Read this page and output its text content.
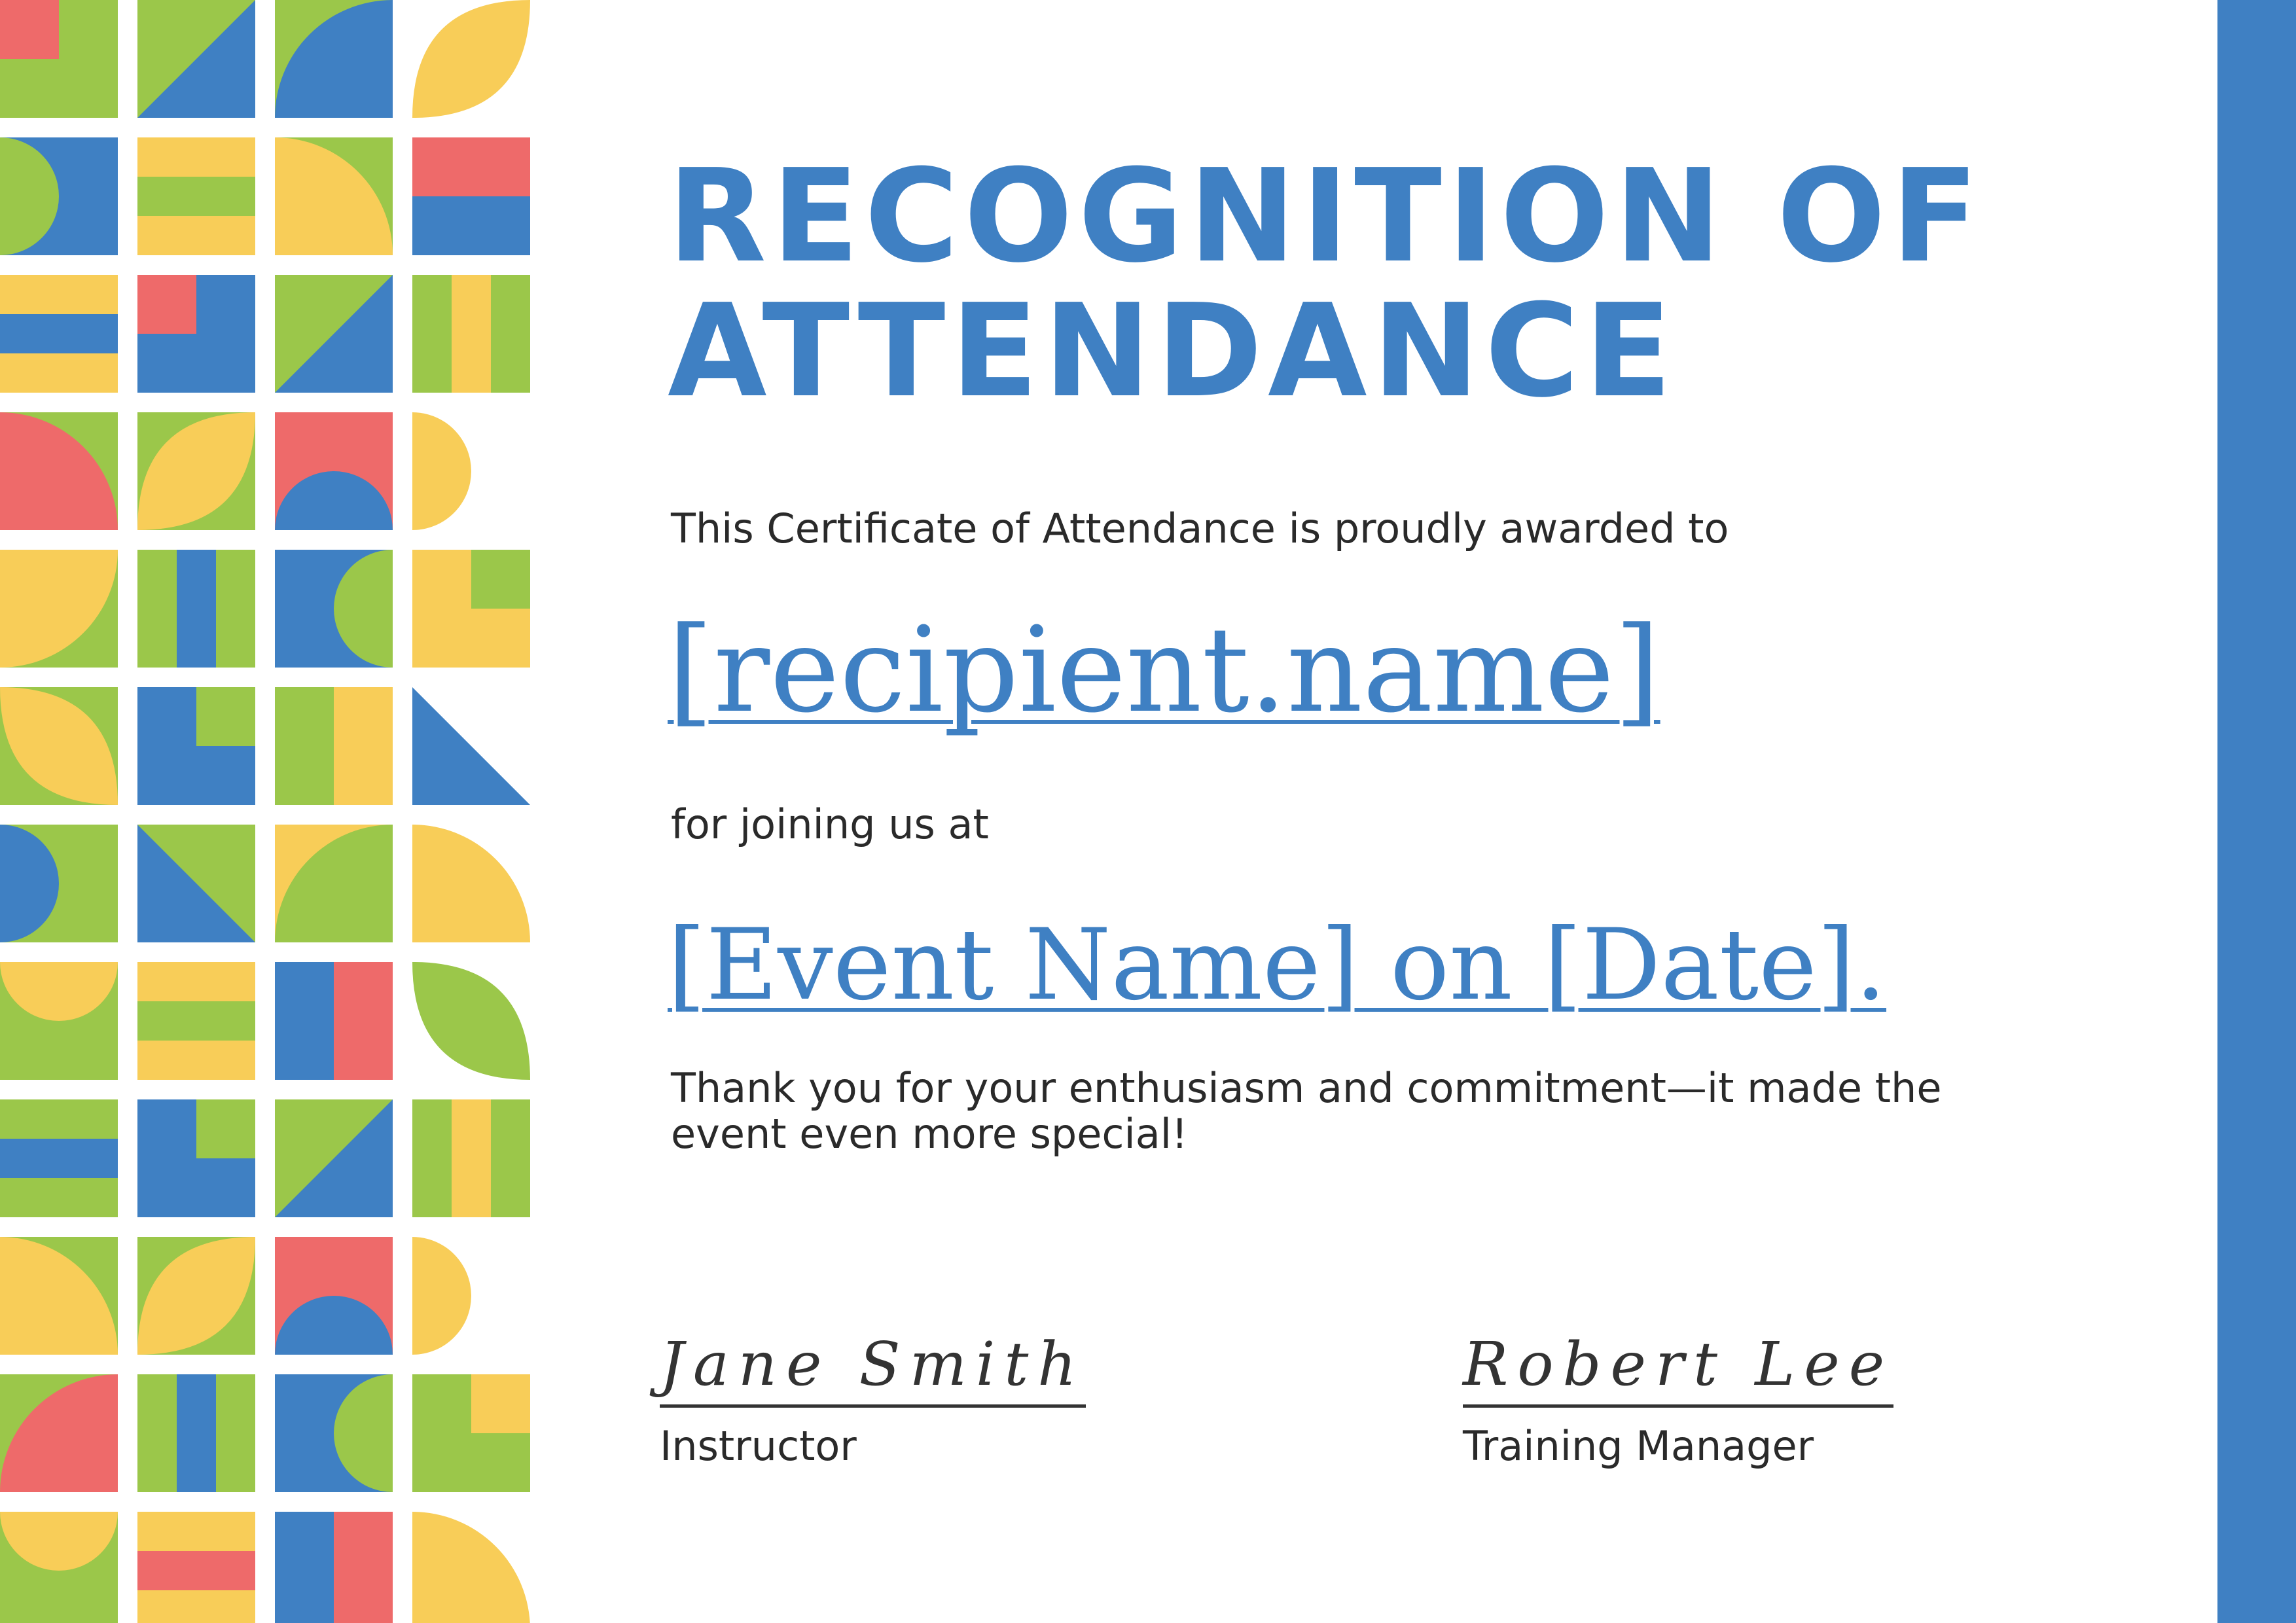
RECOGNITION OF ATTENDANCE

This Certificate of Attendance is proudly awarded to

[recipient.name]

for joining us at

[Event Name] on [Date].

Thank you for your enthusiasm and commitment—it made the event even more special!

Jane Smith
Instructor
Robert Lee
Training Manager
